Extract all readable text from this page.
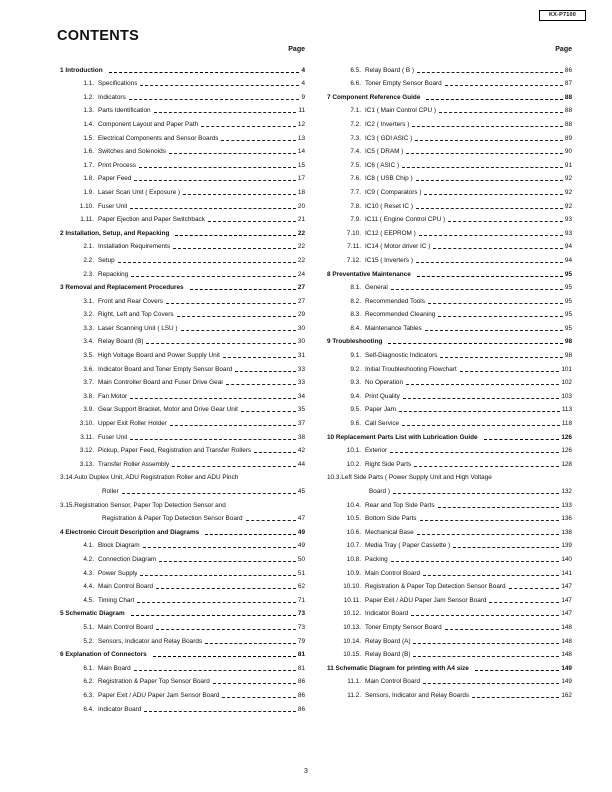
KX-P7100
CONTENTS
Page
1 Introduction	4
1.1. Specifications	4
1.2. Indicators	9
1.3. Parts Identification	11
1.4. Component Layout and Paper Path	12
1.5. Electrical Components and Sensor Boards	13
1.6. Switches and Solenoids	14
1.7. Print Process	15
1.8. Paper Feed	17
1.9. Laser Scan Unit ( Exposure )	18
1.10. Fuser Unit	20
1.11. Paper Ejection and Paper Switchback	21
2 Installation, Setup, and Repacking	22
2.1. Installation Requirements	22
2.2. Setup	22
2.3. Repacking	24
3 Removal and Replacement Procedures	27
3.1. Front and Rear Covers	27
3.2. Right, Left and Top Covers	29
3.3. Laser Scanning Unit ( LSU )	30
3.4. Relay Board (B)	30
3.5. High Voltage Board and Power Supply Unit	31
3.6. Indicator Board and Toner Empty Sensor Board	33
3.7. Main Controller Board and Fuser Drive Gear	33
3.8. Fan Motor	34
3.9. Gear Support Bracket, Motor and Drive Gear Unit	35
3.10. Upper Exit Roller Holder	37
3.11. Fuser Unit	38
3.12. Pickup, Paper Feed, Registration and Transfer Rollers	42
3.13. Transfer Roller Assembly	44
3.14. Auto Duplex Unit, ADU Registration Roller and ADU Pinch
Roller	45
3.15. Registration Sensor, Paper Top Detection Sensor and
Registration & Paper Top Detection Sensor Board	47
4 Electronic Circuit Description and Diagrams	49
4.1. Block Diagram	49
4.2. Connection Diagram	50
4.3. Power Supply	51
4.4. Main Control Board	62
4.5. Timing Chart	71
5 Schematic Diagram	73
5.1. Main Control Board	73
5.2. Sensors, Indicator and Relay Boards	79
6 Explanation of Connectors	81
6.1. Main Board	81
6.2. Registration & Paper Top Sensor Board	86
6.3. Paper Exit / ADU Paper Jam Sensor Board	86
6.4. Indicator Board	86
Page
6.5. Relay Board ( B )	86
6.6. Toner Empty Sensor Board	87
7 Component Reference Guide	88
7.1. IC1 ( Main Control CPU )	88
7.2. IC2 ( Inverters )	88
7.3. IC3 ( GDI ASIC )	89
7.4. IC5 ( DRAM )	90
7.5. IC6 ( ASIC )	91
7.6. IC8 ( USB Chip )	92
7.7. IC9 ( Comparators )	92
7.8. IC10 ( Reset IC )	92
7.9. IC11 ( Engine Control CPU )	93
7.10. IC12 ( EEPROM )	93
7.11. IC14 ( Motor driver IC )	94
7.12. IC15 ( Inverters )	94
8 Preventative Maintenance	95
8.1. General	95
8.2. Recommended Tools	95
8.3. Recommended Cleaning	95
8.4. Maintenance Tables	95
9 Troubleshooting	98
9.1. Self-Diagnostic Indicators	98
9.2. Initial Troubleshooting Flowchart	101
9.3. No Operation	102
9.4. Print Quality	103
9.5. Paper Jam	113
9.6. Call Service	118
10 Replacement Parts List with Lubrication Guide	126
10.1. Exterior	126
10.2. Right Side Parts	128
10.3. Left Side Parts ( Power Supply Unit and High Voltage
Board )	132
10.4. Rear and Top Side Parts	133
10.5. Bottom Side Parts	136
10.6. Mechanical Base	138
10.7. Media Tray ( Paper Cassette )	139
10.8. Packing	140
10.9. Main Control Board	141
10.10. Registration & Paper Top Detection Sensor Board	147
10.11. Paper Exit / ADU Paper Jam Sensor Board	147
10.12. Indicator Board	147
10.13. Toner Empty Sensor Board	148
10.14. Relay Board (A)	148
10.15. Relay Board (B)	148
11 Schematic Diagram for printing with A4 size	149
11.1. Main Control Board	149
11.2. Sensors, Indicator and Relay Boards	162
3
